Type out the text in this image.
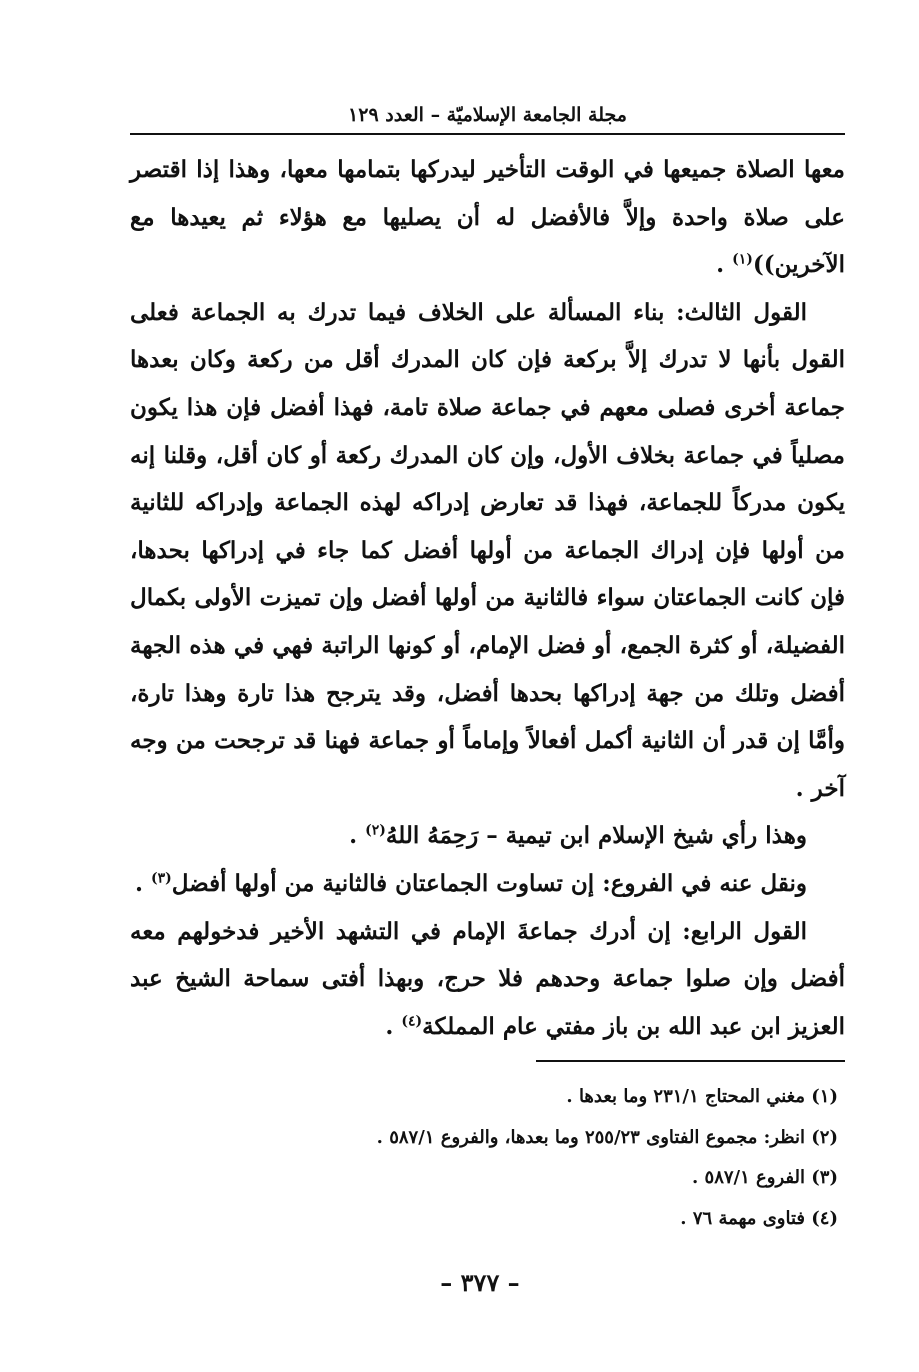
مجلة الجامعة الإسلاميّة – العدد ١٢٩

معها الصلاة جميعها في الوقت التأخير ليدركها بتمامها معها، وهذا إذا اقتصر على صلاة واحدة وإلاَّ فالأفضل له أن يصليها مع هؤلاء ثم يعيدها مع الآخرين))$^{(١)}$ .

القول الثالث: بناء المسألة على الخلاف فيما تدرك به الجماعة فعلى القول بأنها لا تدرك إلاَّ بركعة فإن كان المدرك أقل من ركعة وكان بعدها جماعة أخرى فصلى معهم في جماعة صلاة تامة، فهذا أفضل فإن هذا يكون مصلياً في جماعة بخلاف الأول، وإن كان المدرك ركعة أو كان أقل، وقلنا إنه يكون مدركاً للجماعة، فهذا قد تعارض إدراكه لهذه الجماعة وإدراكه للثانية من أولها فإن إدراك الجماعة من أولها أفضل كما جاء في إدراكها بحدها، فإن كانت الجماعتان سواء فالثانية من أولها أفضل وإن تميزت الأولى بكمال الفضيلة، أو كثرة الجمع، أو فضل الإمام، أو كونها الراتبة فهي في هذه الجهة أفضل وتلك من جهة إدراكها بحدها أفضل، وقد يترجح هذا تارة وهذا تارة، وأمَّا إن قدر أن الثانية أكمل أفعالاً وإماماً أو جماعة فهنا قد ترجحت من وجه آخر .

وهذا رأي شيخ الإسلام ابن تيمية – رَحِمَهُ اللهُ$^{(٢)}$ .

ونقل عنه في الفروع: إن تساوت الجماعتان فالثانية من أولها أفضل$^{(٣)}$ .

القول الرابع: إن أدرك جماعةَ الإمام في التشهد الأخير فدخولهم معه أفضل وإن صلوا جماعة وحدهم فلا حرج، وبهذا أفتى سماحة الشيخ عبد العزيز ابن عبد الله بن باز مفتي عام المملكة$^{(٤)}$ .

(١) مغني المحتاج ٢٣١/١ وما بعدها .

(٢) انظر: مجموع الفتاوى ٢٥٥/٢٣ وما بعدها، والفروع ٥٨٧/١ .

(٣) الفروع ٥٨٧/١ .

(٤) فتاوى مهمة ٧٦ .

– ٣٧٧ –
